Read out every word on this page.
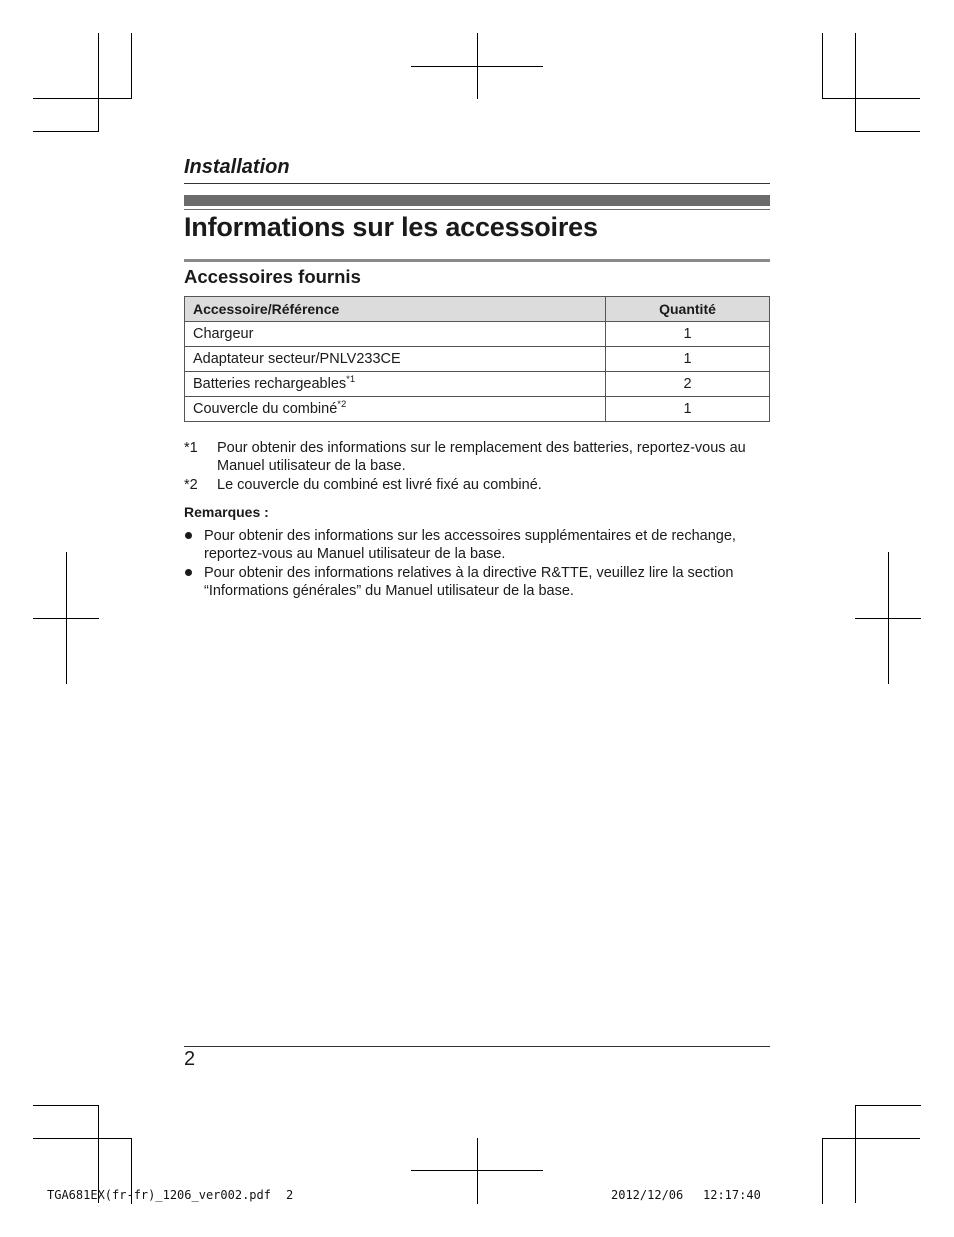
Installation
Informations sur les accessoires
Accessoires fournis
Accessoire/Référence	Quantité
Chargeur	1
Adaptateur secteur/PNLV233CE	1
Batteries rechargeables$^{*1}$	2
Couvercle du combiné$^{*2}$	1
*1 Pour obtenir des informations sur le remplacement des batteries, reportez-vous au Manuel utilisateur de la base.
*2 Le couvercle du combiné est livré fixé au combiné.
Remarques :
Pour obtenir des informations sur les accessoires supplémentaires et de rechange, reportez-vous au Manuel utilisateur de la base.
Pour obtenir des informations relatives à la directive R&TTE, veuillez lire la section “Informations générales” du Manuel utilisateur de la base.
2
TGA681EX(fr-fr)_1206_ver002.pdf 2	2012/12/06 12:17:40
